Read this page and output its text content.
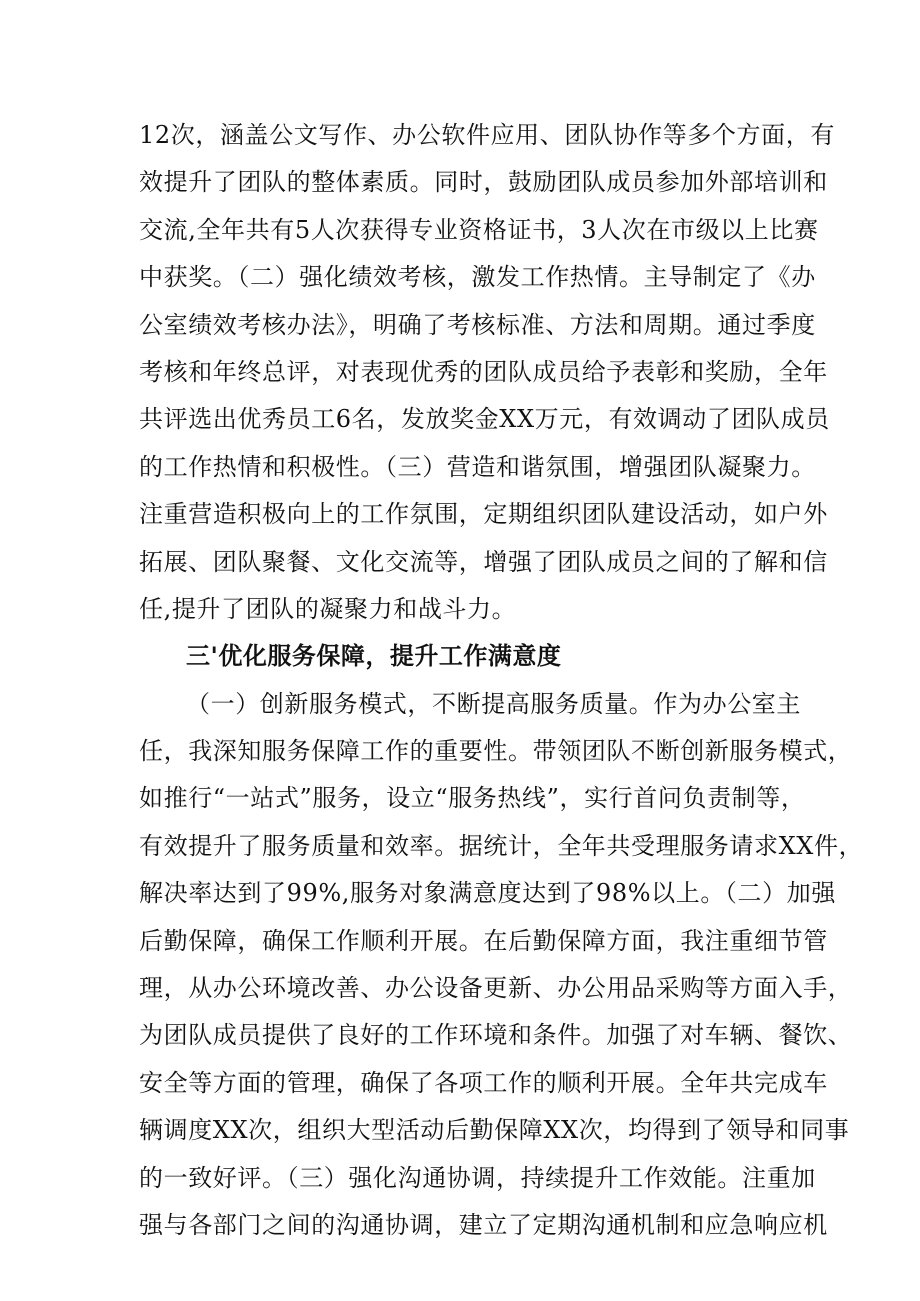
12次，涵盖公文写作、办公软件应用、团队协作等多个方面，有
效提升了团队的整体素质。同时，鼓励团队成员参加外部培训和
交流,全年共有5人次获得专业资格证书，3人次在市级以上比赛
中获奖。（二）强化绩效考核，激发工作热情。主导制定了《办
公室绩效考核办法》，明确了考核标准、方法和周期。通过季度
考核和年终总评，对表现优秀的团队成员给予表彰和奖励，全年
共评选出优秀员工6名，发放奖金XX万元，有效调动了团队成员
的工作热情和积极性。（三）营造和谐氛围，增强团队凝聚力。
注重营造积极向上的工作氛围，定期组织团队建设活动，如户外
拓展、团队聚餐、文化交流等，增强了团队成员之间的了解和信
任,提升了团队的凝聚力和战斗力。
三'优化服务保障，提升工作满意度
（一）创新服务模式，不断提高服务质量。作为办公室主
任，我深知服务保障工作的重要性。带领团队不断创新服务模式，
如推行“一站式”服务，设立“服务热线”，实行首问负责制等，
有效提升了服务质量和效率。据统计，全年共受理服务请求XX件，
解决率达到了99%,服务对象满意度达到了98%以上。（二）加强
后勤保障，确保工作顺利开展。在后勤保障方面，我注重细节管
理，从办公环境改善、办公设备更新、办公用品采购等方面入手，
为团队成员提供了良好的工作环境和条件。加强了对车辆、餐饮、
安全等方面的管理，确保了各项工作的顺利开展。全年共完成车
辆调度XX次，组织大型活动后勤保障XX次，均得到了领导和同事
的一致好评。（三）强化沟通协调，持续提升工作效能。注重加
强与各部门之间的沟通协调，建立了定期沟通机制和应急响应机
